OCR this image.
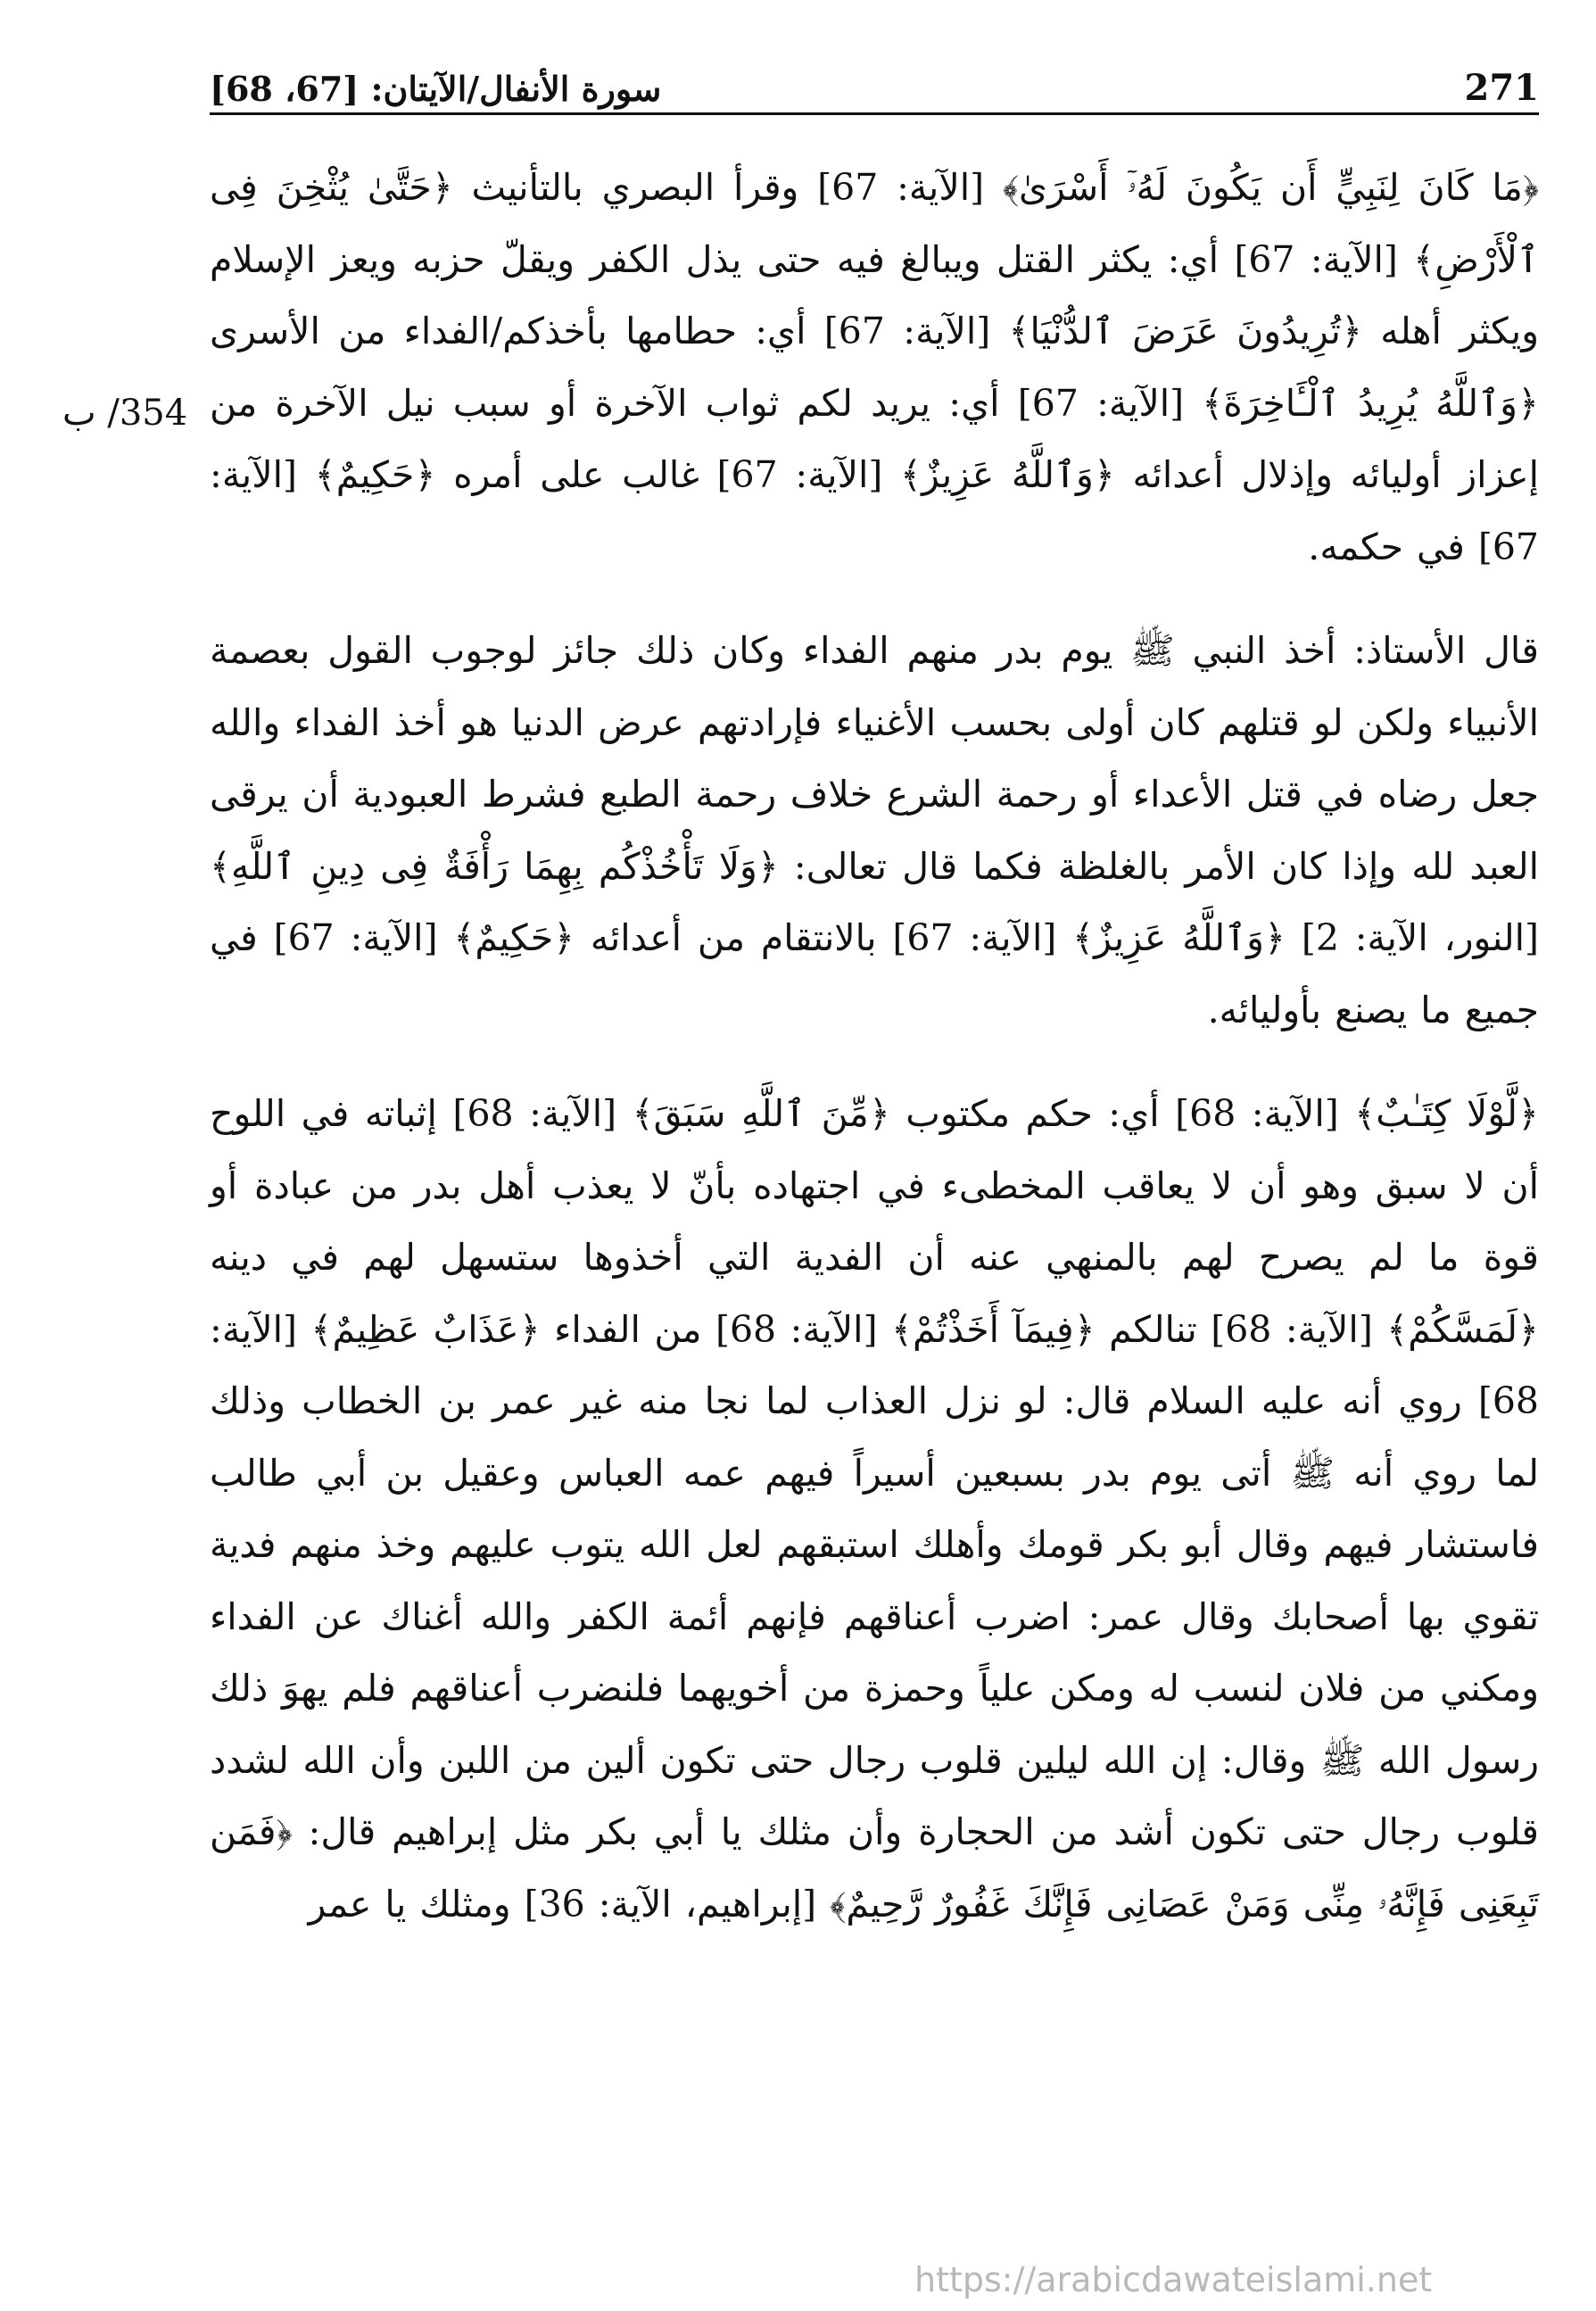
271
سورة الأنفال/الآيتان: [67، 68]
354/ ب

﴿مَا كَانَ لِنَبِيٍّ أَن يَكُونَ لَهُۥٓ أَسْرَىٰ﴾ [الآية: 67] وقرأ البصري بالتأنيث ﴿حَتَّىٰ يُثْخِنَ فِى ٱلْأَرْضِ﴾ [الآية: 67] أي: يكثر القتل ويبالغ فيه حتى يذل الكفر ويقلّ حزبه ويعز الإسلام ويكثر أهله ﴿تُرِيدُونَ عَرَضَ ٱلدُّنْيَا﴾ [الآية: 67] أي: حطامها بأخذكم/الفداء من الأسرى ﴿وَٱللَّهُ يُرِيدُ ٱلْـَٔاخِرَةَ﴾ [الآية: 67] أي: يريد لكم ثواب الآخرة أو سبب نيل الآخرة من إعزاز أوليائه وإذلال أعدائه ﴿وَٱللَّهُ عَزِيزٌ﴾ [الآية: 67] غالب على أمره ﴿حَكِيمٌ﴾ [الآية: 67] في حكمه.

قال الأستاذ: أخذ النبي ﷺ يوم بدر منهم الفداء وكان ذلك جائز لوجوب القول بعصمة الأنبياء ولكن لو قتلهم كان أولى بحسب الأغنياء فإرادتهم عرض الدنيا هو أخذ الفداء والله جعل رضاه في قتل الأعداء أو رحمة الشرع خلاف رحمة الطبع فشرط العبودية أن يرقى العبد لله وإذا كان الأمر بالغلظة فكما قال تعالى: ﴿وَلَا تَأْخُذْكُم بِهِمَا رَأْفَةٌ فِى دِينِ ٱللَّهِ﴾ [النور، الآية: 2] ﴿وَٱللَّهُ عَزِيزٌ﴾ [الآية: 67] بالانتقام من أعدائه ﴿حَكِيمٌ﴾ [الآية: 67] في جميع ما يصنع بأوليائه.

﴿لَّوْلَا كِتَـٰبٌ﴾ [الآية: 68] أي: حكم مكتوب ﴿مِّنَ ٱللَّهِ سَبَقَ﴾ [الآية: 68] إثباته في اللوح أن لا سبق وهو أن لا يعاقب المخطىء في اجتهاده بأنّ لا يعذب أهل بدر من عبادة أو قوة ما لم يصرح لهم بالمنهي عنه أن الفدية التي أخذوها ستسهل لهم في دينه ﴿لَمَسَّكُمْ﴾ [الآية: 68] تنالكم ﴿فِيمَآ أَخَذْتُمْ﴾ [الآية: 68] من الفداء ﴿عَذَابٌ عَظِيمٌ﴾ [الآية: 68] روي أنه عليه السلام قال: لو نزل العذاب لما نجا منه غير عمر بن الخطاب وذلك لما روي أنه ﷺ أتى يوم بدر بسبعين أسيراً فيهم عمه العباس وعقيل بن أبي طالب فاستشار فيهم وقال أبو بكر قومك وأهلك استبقهم لعل الله يتوب عليهم وخذ منهم فدية تقوي بها أصحابك وقال عمر: اضرب أعناقهم فإنهم أئمة الكفر والله أغناك عن الفداء ومكني من فلان لنسب له ومكن علياً وحمزة من أخويهما فلنضرب أعناقهم فلم يهوَ ذلك رسول الله ﷺ وقال: إن الله ليلين قلوب رجال حتى تكون ألين من اللبن وأن الله لشدد قلوب رجال حتى تكون أشد من الحجارة وأن مثلك يا أبي بكر مثل إبراهيم قال: ﴿فَمَن تَبِعَنِى فَإِنَّهُۥ مِنِّى وَمَنْ عَصَانِى فَإِنَّكَ غَفُورٌ رَّحِيمٌ﴾ [إبراهيم، الآية: 36] ومثلك يا عمر

https://arabicdawateislami.net
